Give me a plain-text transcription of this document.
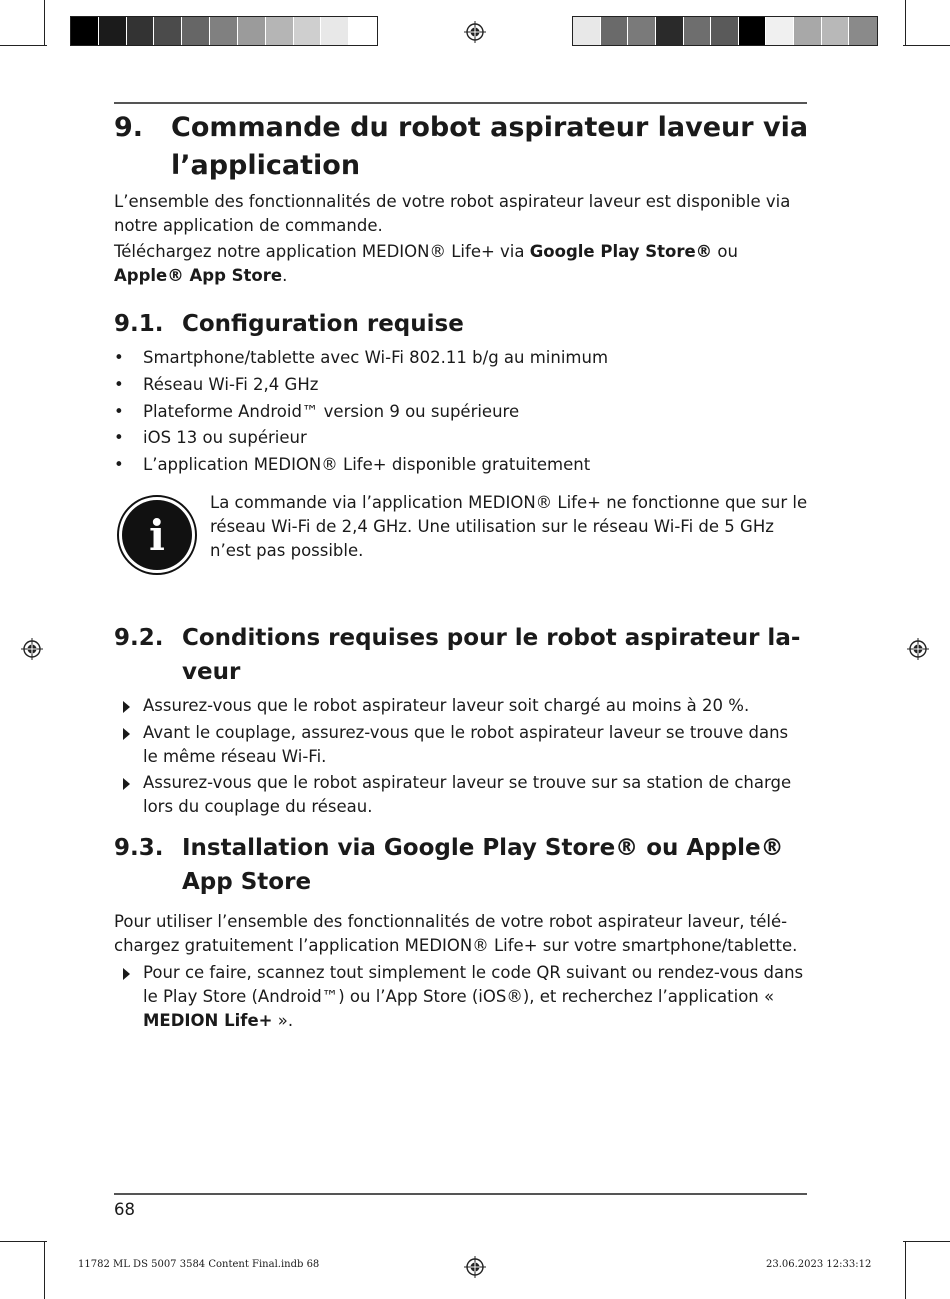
9. Commande du robot aspirateur laveur via l’application

L’ensemble des fonctionnalités de votre robot aspirateur laveur est disponible via notre application de commande.

Téléchargez notre application MEDION® Life+ via Google Play Store® ou Apple® App Store.

9.1. Configuration requise
• Smartphone/tablette avec Wi-Fi 802.11 b/g au minimum
• Réseau Wi-Fi 2,4 GHz
• Plateforme Android™ version 9 ou supérieure
• iOS 13 ou supérieur
• L’application MEDION® Life+ disponible gratuitement
i

La commande via l’application MEDION® Life+ ne fonctionne que sur le réseau Wi-Fi de 2,4 GHz. Une utilisation sur le réseau Wi-Fi de 5 GHz n’est pas possible.

9.2. Conditions requises pour le robot aspirateur la-veur
Assurez-vous que le robot aspirateur laveur soit chargé au moins à 20 %.
Avant le couplage, assurez-vous que le robot aspirateur laveur se trouve dans le même réseau Wi-Fi.
Assurez-vous que le robot aspirateur laveur se trouve sur sa station de charge lors du couplage du réseau.
9.3. Installation via Google Play Store® ou Apple® App Store

Pour utiliser l’ensemble des fonctionnalités de votre robot aspirateur laveur, télé-chargez gratuitement l’application MEDION® Life+ sur votre smartphone/tablette.

Pour ce faire, scannez tout simplement le code QR suivant ou rendez-vous dans le Play Store (Android™) ou l’App Store (iOS®), et recherchez l’application « MEDION Life+ ».
68
11782 ML DS 5007 3584 Content Final.indb 68	23.06.2023 12:33:12
